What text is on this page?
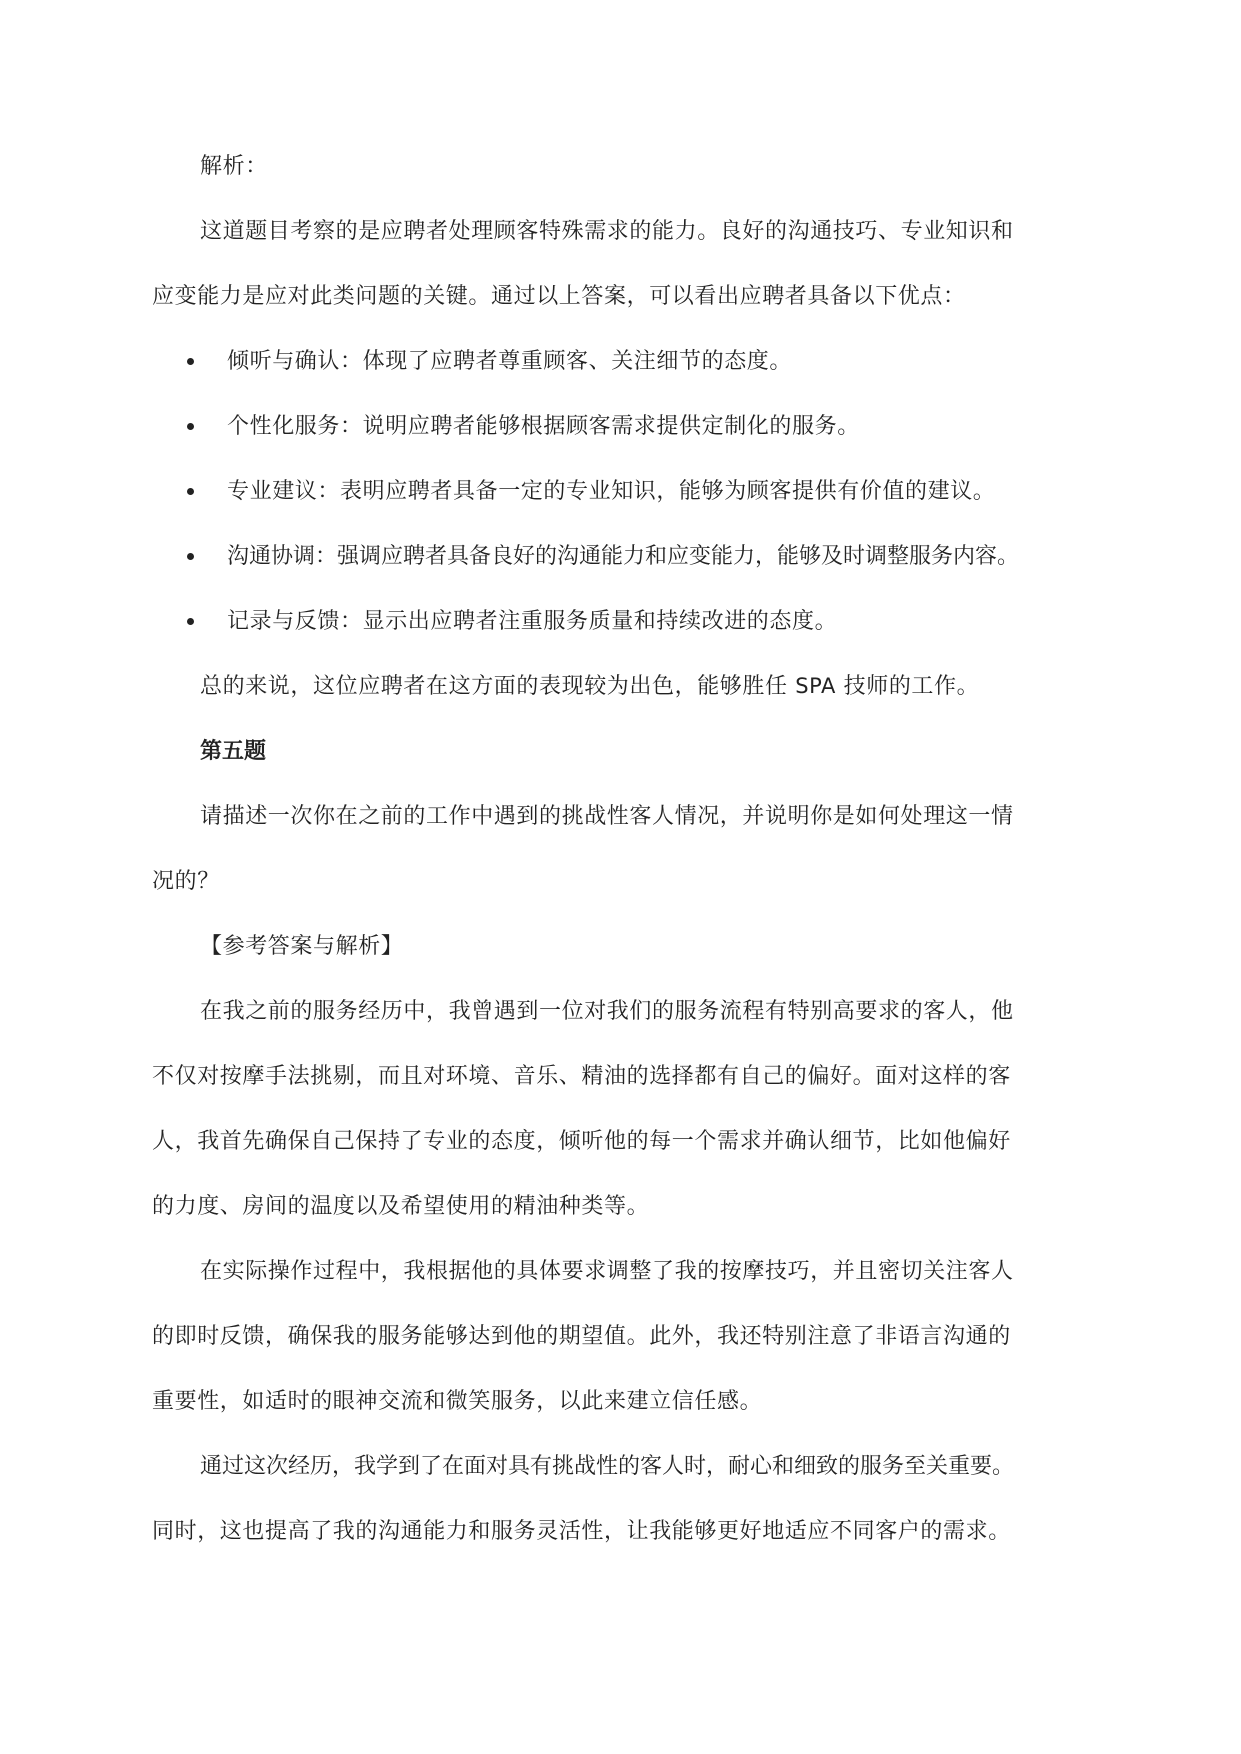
解析：

这道题目考察的是应聘者处理顾客特殊需求的能力。良好的沟通技巧、专业知识和

应变能力是应对此类问题的关键。通过以上答案，可以看出应聘者具备以下优点：

倾听与确认：体现了应聘者尊重顾客、关注细节的态度。
个性化服务：说明应聘者能够根据顾客需求提供定制化的服务。
专业建议：表明应聘者具备一定的专业知识，能够为顾客提供有价值的建议。
沟通协调：强调应聘者具备良好的沟通能力和应变能力，能够及时调整服务内容。
记录与反馈：显示出应聘者注重服务质量和持续改进的态度。

总的来说，这位应聘者在这方面的表现较为出色，能够胜任 SPA 技师的工作。

第五题

请描述一次你在之前的工作中遇到的挑战性客人情况，并说明你是如何处理这一情

况的？

【参考答案与解析】

在我之前的服务经历中，我曾遇到一位对我们的服务流程有特别高要求的客人，他

不仅对按摩手法挑剔，而且对环境、音乐、精油的选择都有自己的偏好。面对这样的客

人，我首先确保自己保持了专业的态度，倾听他的每一个需求并确认细节，比如他偏好

的力度、房间的温度以及希望使用的精油种类等。

在实际操作过程中，我根据他的具体要求调整了我的按摩技巧，并且密切关注客人

的即时反馈，确保我的服务能够达到他的期望值。此外，我还特别注意了非语言沟通的

重要性，如适时的眼神交流和微笑服务，以此来建立信任感。

通过这次经历，我学到了在面对具有挑战性的客人时，耐心和细致的服务至关重要。

同时，这也提高了我的沟通能力和服务灵活性，让我能够更好地适应不同客户的需求。
